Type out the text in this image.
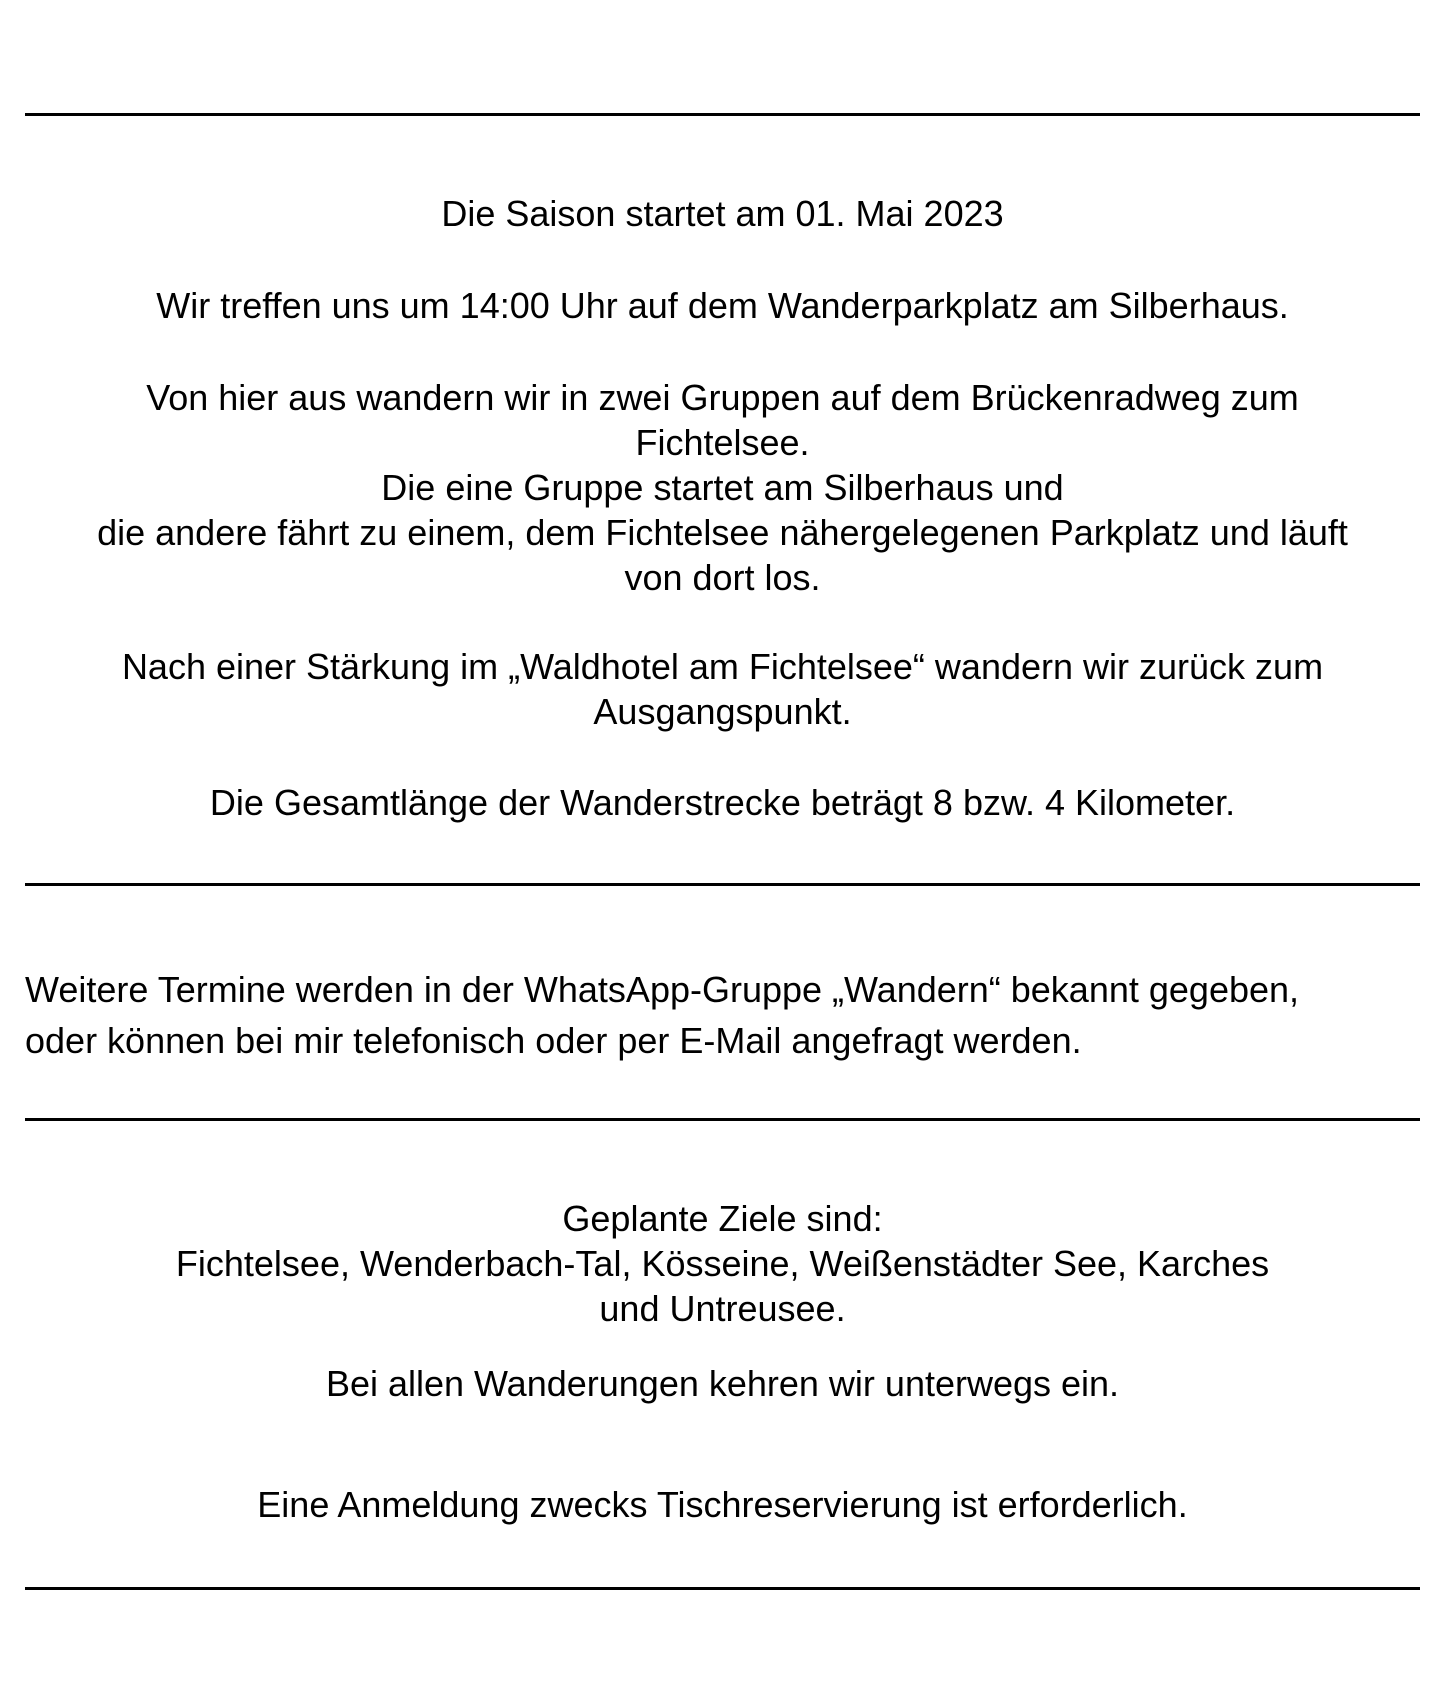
Die Saison startet am 01. Mai 2023

Wir treffen uns um 14:00 Uhr auf dem Wanderparkplatz am Silberhaus.

Von hier aus wandern wir in zwei Gruppen auf dem Brückenradweg zum

Fichtelsee.

Die eine Gruppe startet am Silberhaus und

die andere fährt zu einem, dem Fichtelsee nähergelegenen Parkplatz und läuft

von dort los.

Nach einer Stärkung im „Waldhotel am Fichtelsee“ wandern wir zurück zum

Ausgangspunkt.

Die Gesamtlänge der Wanderstrecke beträgt 8 bzw. 4 Kilometer.

Weitere Termine werden in der WhatsApp-Gruppe „Wandern“ bekannt gegeben,

oder können bei mir telefonisch oder per E-Mail angefragt werden.

Geplante Ziele sind:

Fichtelsee, Wenderbach-Tal, Kösseine, Weißenstädter See, Karches

und Untreusee.

Bei allen Wanderungen kehren wir unterwegs ein.

Eine Anmeldung zwecks Tischreservierung ist erforderlich.
